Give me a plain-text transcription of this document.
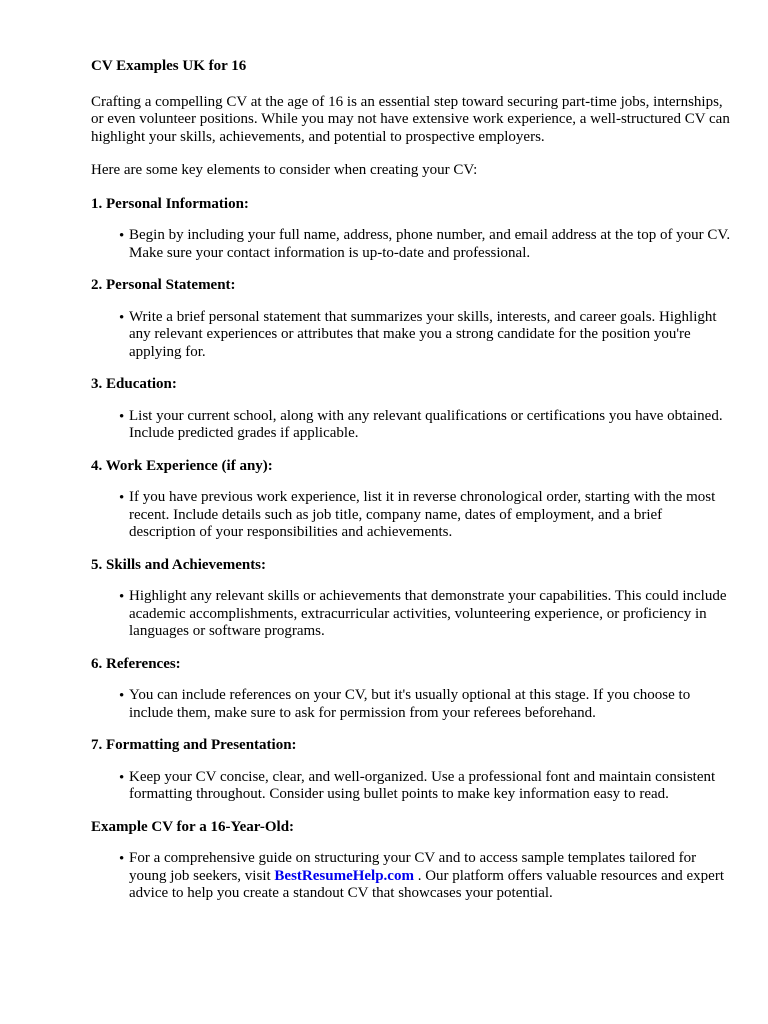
CV Examples UK for 16
Crafting a compelling CV at the age of 16 is an essential step toward securing part-time jobs, internships, or even volunteer positions. While you may not have extensive work experience, a well-structured CV can highlight your skills, achievements, and potential to prospective employers.
Here are some key elements to consider when creating your CV:
1. Personal Information:
• Begin by including your full name, address, phone number, and email address at the top of your CV. Make sure your contact information is up-to-date and professional.
2. Personal Statement:
• Write a brief personal statement that summarizes your skills, interests, and career goals. Highlight any relevant experiences or attributes that make you a strong candidate for the position you're applying for.
3. Education:
• List your current school, along with any relevant qualifications or certifications you have obtained. Include predicted grades if applicable.
4. Work Experience (if any):
• If you have previous work experience, list it in reverse chronological order, starting with the most recent. Include details such as job title, company name, dates of employment, and a brief description of your responsibilities and achievements.
5. Skills and Achievements:
• Highlight any relevant skills or achievements that demonstrate your capabilities. This could include academic accomplishments, extracurricular activities, volunteering experience, or proficiency in languages or software programs.
6. References:
• You can include references on your CV, but it's usually optional at this stage. If you choose to include them, make sure to ask for permission from your referees beforehand.
7. Formatting and Presentation:
• Keep your CV concise, clear, and well-organized. Use a professional font and maintain consistent formatting throughout. Consider using bullet points to make key information easy to read.
Example CV for a 16-Year-Old:
• For a comprehensive guide on structuring your CV and to access sample templates tailored for young job seekers, visit BestResumeHelp.com . Our platform offers valuable resources and expert advice to help you create a standout CV that showcases your potential.
